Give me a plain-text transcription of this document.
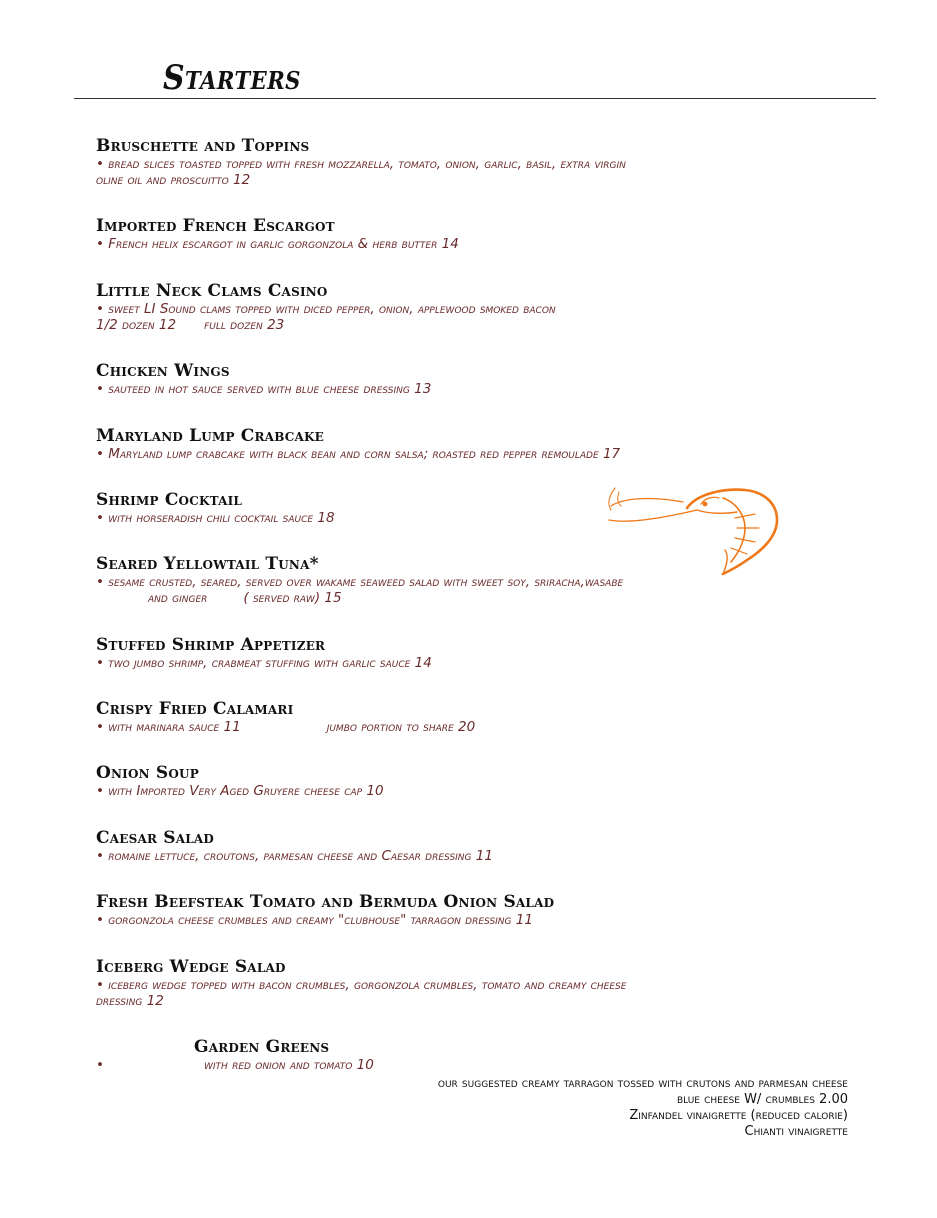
Starters
Bruschette and Toppins
• bread slices toasted topped with fresh mozzarella, tomato, onion, garlic, basil, extra virgin
oline oil and proscuitto 12
Imported French Escargot
• French helix escargot in garlic gorgonzola & herb butter 14
Little Neck Clams Casino
• sweet LI Sound clams topped with diced pepper, onion, applewood smoked bacon
1/2 dozen 12 full dozen 23
Chicken Wings
• sauteed in hot sauce served with blue cheese dressing 13
Maryland Lump Crabcake
• Maryland lump crabcake with black bean and corn salsa; roasted red pepper remoulade 17
Shrimp Cocktail
• with horseradish chili cocktail sauce 18
Seared Yellowtail Tuna*
• sesame crusted, seared, served over wakame seaweed salad with sweet soy, sriracha,wasabe
and ginger	( served raw) 15
Stuffed Shrimp Appetizer
• two jumbo shrimp, crabmeat stuffing with garlic sauce 14
Crispy Fried Calamari
• with marinara sauce 11	jumbo portion to share 20
Onion Soup
• with Imported Very Aged Gruyere cheese cap 10
Caesar Salad
• romaine lettuce, croutons, parmesan cheese and Caesar dressing 11
Fresh Beefsteak Tomato and Bermuda Onion Salad
• gorgonzola cheese crumbles and creamy "clubhouse" tarragon dressing 11
Iceberg Wedge Salad
• iceberg wedge topped with bacon crumbles, gorgonzola crumbles, tomato and creamy cheese
dressing 12
Garden Greens
•	with red onion and tomato 10
our suggested creamy tarragon tossed with crutons and parmesan cheese
blue cheese W/ crumbles 2.00
Zinfandel vinaigrette (reduced calorie)
Chianti vinaigrette
